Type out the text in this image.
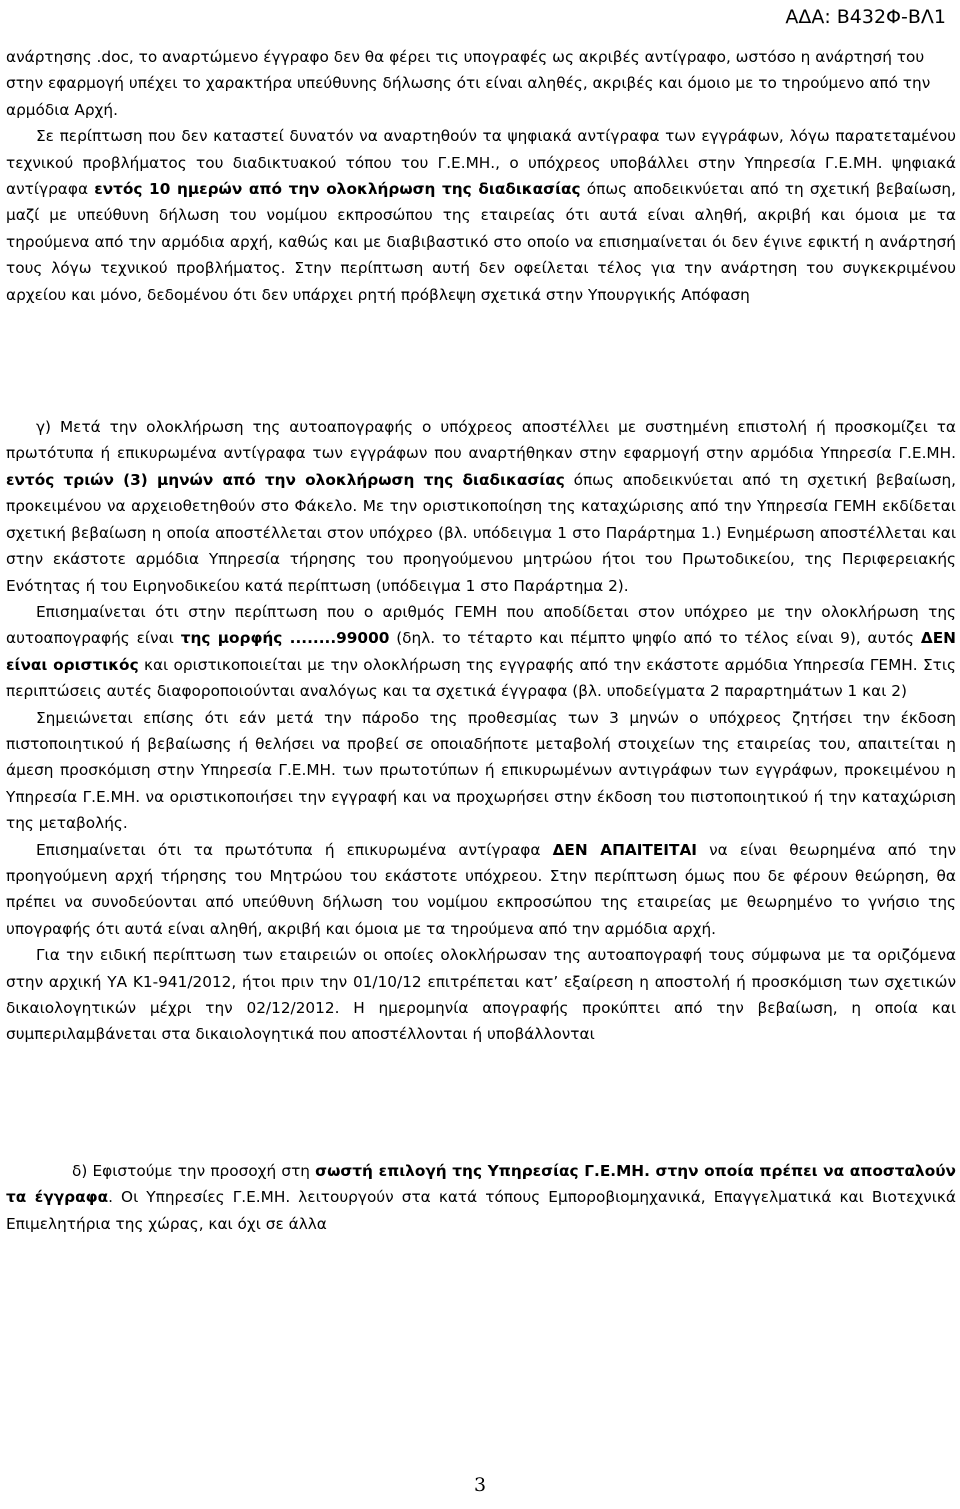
ΑΔΑ: Β432Φ-ΒΛ1
ανάρτησης .doc, το αναρτώμενο έγγραφο δεν θα φέρει τις υπογραφές ως ακριβές αντίγραφο, ωστόσο η ανάρτησή του στην εφαρμογή υπέχει το χαρακτήρα υπεύθυνης δήλωσης ότι είναι αληθές, ακριβές και όμοιο με το τηρούμενο από την αρμόδια Αρχή.
Σε περίπτωση που δεν καταστεί δυνατόν να αναρτηθούν τα ψηφιακά αντίγραφα των εγγράφων, λόγω παρατεταμένου τεχνικού προβλήματος του διαδικτυακού τόπου του Γ.Ε.ΜΗ., ο υπόχρεος υποβάλλει στην Υπηρεσία Γ.Ε.ΜΗ. ψηφιακά αντίγραφα εντός 10 ημερών από την ολοκλήρωση της διαδικασίας όπως αποδεικνύεται από τη σχετική βεβαίωση, μαζί με υπεύθυνη δήλωση του νομίμου εκπροσώπου της εταιρείας ότι αυτά είναι αληθή, ακριβή και όμοια με τα τηρούμενα από την αρμόδια αρχή, καθώς και με διαβιβαστικό στο οποίο να επισημαίνεται όι δεν έγινε εφικτή η ανάρτησή τους λόγω τεχνικού προβλήματος. Στην περίπτωση αυτή δεν οφείλεται τέλος για την ανάρτηση του συγκεκριμένου αρχείου και μόνο, δεδομένου ότι δεν υπάρχει ρητή πρόβλεψη σχετικά στην Υπουργικής Απόφαση
γ) Μετά την ολοκλήρωση της αυτοαπογραφής ο υπόχρεος αποστέλλει με συστημένη επιστολή ή προσκομίζει τα πρωτότυπα ή επικυρωμένα αντίγραφα των εγγράφων που αναρτήθηκαν στην εφαρμογή στην αρμόδια Υπηρεσία Γ.Ε.ΜΗ. εντός τριών (3) μηνών από την ολοκλήρωση της διαδικασίας όπως αποδεικνύεται από τη σχετική βεβαίωση, προκειμένου να αρχειοθετηθούν στο Φάκελο. Με την οριστικοποίηση της καταχώρισης από την Υπηρεσία ΓΕΜΗ εκδίδεται σχετική βεβαίωση η οποία αποστέλλεται στον υπόχρεο (βλ. υπόδειγμα 1 στο Παράρτημα 1.) Ενημέρωση αποστέλλεται και στην εκάστοτε αρμόδια Υπηρεσία τήρησης του προηγούμενου μητρώου ήτοι του Πρωτοδικείου, της Περιφερειακής Ενότητας ή του Ειρηνοδικείου κατά περίπτωση (υπόδειγμα 1 στο Παράρτημα 2).
Επισημαίνεται ότι στην περίπτωση που ο αριθμός ΓΕΜΗ που αποδίδεται στον υπόχρεο με την ολοκλήρωση της αυτοαπογραφής είναι της μορφής ........99000 (δηλ. το τέταρτο και πέμπτο ψηφίο από το τέλος είναι 9), αυτός ΔΕΝ είναι οριστικός και οριστικοποιείται με την ολοκλήρωση της εγγραφής από την εκάστοτε αρμόδια Υπηρεσία ΓΕΜΗ. Στις περιπτώσεις αυτές διαφοροποιούνται αναλόγως και τα σχετικά έγγραφα (βλ. υποδείγματα 2 παραρτημάτων 1 και 2)
Σημειώνεται επίσης ότι εάν μετά την πάροδο της προθεσμίας των 3 μηνών ο υπόχρεος ζητήσει την έκδοση πιστοποιητικού ή βεβαίωσης ή θελήσει να προβεί σε οποιαδήποτε μεταβολή στοιχείων της εταιρείας του, απαιτείται η άμεση προσκόμιση στην Υπηρεσία Γ.Ε.ΜΗ. των πρωτοτύπων ή επικυρωμένων αντιγράφων των εγγράφων, προκειμένου η Υπηρεσία Γ.Ε.ΜΗ. να οριστικοποιήσει την εγγραφή και να προχωρήσει στην έκδοση του πιστοποιητικού ή την καταχώριση της μεταβολής.
Επισημαίνεται ότι τα πρωτότυπα ή επικυρωμένα αντίγραφα ΔΕΝ ΑΠΑΙΤΕΙΤΑΙ να είναι θεωρημένα από την προηγούμενη αρχή τήρησης του Μητρώου του εκάστοτε υπόχρεου. Στην περίπτωση όμως που δε φέρουν θεώρηση, θα πρέπει να συνοδεύονται από υπεύθυνη δήλωση του νομίμου εκπροσώπου της εταιρείας με θεωρημένο το γνήσιο της υπογραφής ότι αυτά είναι αληθή, ακριβή και όμοια με τα τηρούμενα από την αρμόδια αρχή.
Για την ειδική περίπτωση των εταιρειών οι οποίες ολοκλήρωσαν της αυτοαπογραφή τους σύμφωνα με τα οριζόμενα στην αρχική ΥΑ Κ1-941/2012, ήτοι πριν την 01/10/12 επιτρέπεται κατ’ εξαίρεση η αποστολή ή προσκόμιση των σχετικών δικαιολογητικών μέχρι την 02/12/2012. Η ημερομηνία απογραφής προκύπτει από την βεβαίωση, η οποία και συμπεριλαμβάνεται στα δικαιολογητικά που αποστέλλονται ή υποβάλλονται
δ) Εφιστούμε την προσοχή στη σωστή επιλογή της Υπηρεσίας Γ.Ε.ΜΗ. στην οποία πρέπει να αποσταλούν τα έγγραφα. Οι Υπηρεσίες Γ.Ε.ΜΗ. λειτουργούν στα κατά τόπους Εμποροβιομηχανικά, Επαγγελματικά και Βιοτεχνικά Επιμελητήρια της χώρας, και όχι σε άλλα
3
